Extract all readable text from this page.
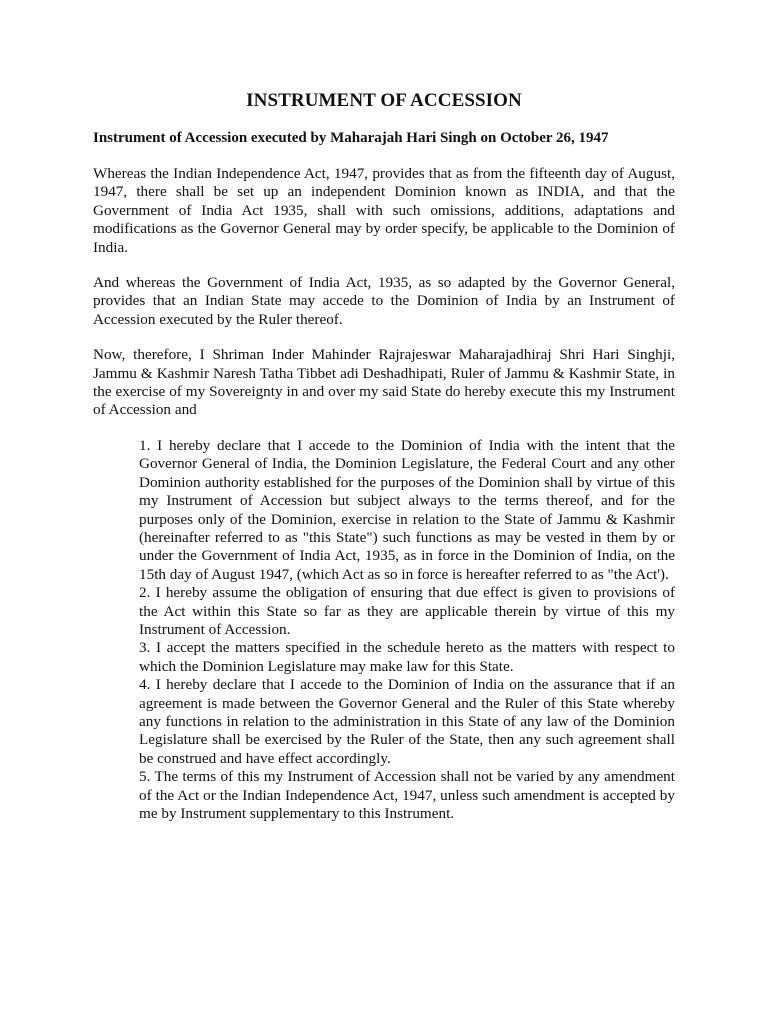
INSTRUMENT OF ACCESSION

Instrument of Accession executed by Maharajah Hari Singh on October 26, 1947

Whereas the Indian Independence Act, 1947, provides that as from the fifteenth day of August, 1947, there shall be set up an independent Dominion known as INDIA, and that the Government of India Act 1935, shall with such omissions, additions, adaptations and modifications as the Governor General may by order specify, be applicable to the Dominion of India.

And whereas the Government of India Act, 1935, as so adapted by the Governor General, provides that an Indian State may accede to the Dominion of India by an Instrument of Accession executed by the Ruler thereof.

Now, therefore, I Shriman Inder Mahinder Rajrajeswar Maharajadhiraj Shri Hari Singhji, Jammu & Kashmir Naresh Tatha Tibbet adi Deshadhipati, Ruler of Jammu & Kashmir State, in the exercise of my Sovereignty in and over my said State do hereby execute this my Instrument of Accession and

1. I hereby declare that I accede to the Dominion of India with the intent that the Governor General of India, the Dominion Legislature, the Federal Court and any other Dominion authority established for the purposes of the Dominion shall by virtue of this my Instrument of Accession but subject always to the terms thereof, and for the purposes only of the Dominion, exercise in relation to the State of Jammu & Kashmir (hereinafter referred to as "this State") such functions as may be vested in them by or under the Government of India Act, 1935, as in force in the Dominion of India, on the 15th day of August 1947, (which Act as so in force is hereafter referred to as "the Act').
2. I hereby assume the obligation of ensuring that due effect is given to provisions of the Act within this State so far as they are applicable therein by virtue of this my Instrument of Accession.
3. I accept the matters specified in the schedule hereto as the matters with respect to which the Dominion Legislature may make law for this State.
4. I hereby declare that I accede to the Dominion of India on the assurance that if an agreement is made between the Governor General and the Ruler of this State whereby any functions in relation to the administration in this State of any law of the Dominion Legislature shall be exercised by the Ruler of the State, then any such agreement shall be construed and have effect accordingly.
5. The terms of this my Instrument of Accession shall not be varied by any amendment of the Act or the Indian Independence Act, 1947, unless such amendment is accepted by me by Instrument supplementary to this Instrument.
